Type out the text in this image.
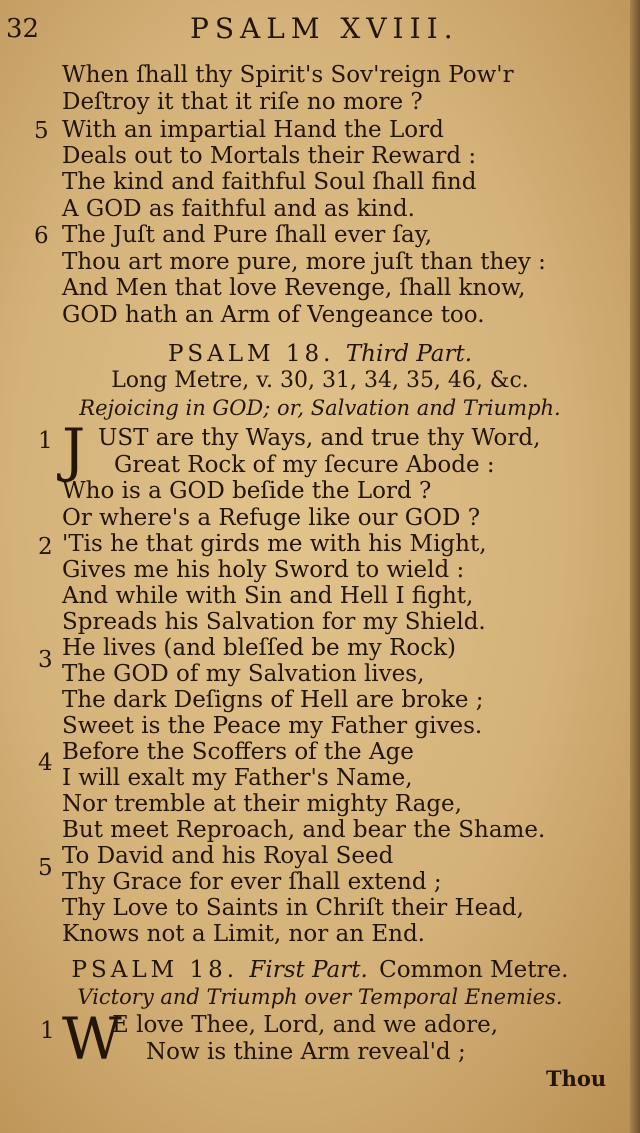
32	PSALM XVIII.
When ſhall thy Spirit's Sov'reign Pow'r
Deſtroy it that it riſe no more ?
5 With an impartial Hand the Lord
Deals out to Mortals their Reward :
The kind and faithful Soul ſhall find
A GOD as faithful and as kind.
6 The Juſt and Pure ſhall ever ſay,
Thou art more pure, more juſt than they :
And Men that love Revenge, ſhall know,
GOD hath an Arm of Vengeance too.
PSALM 18. Third Part.
Long Metre, v. 30, 31, 34, 35, 46, &c.
Rejoicing in GOD; or, Salvation and Triumph.
1 J UST are thy Ways, and true thy Word,
Great Rock of my ſecure Abode :
Who is a GOD beſide the Lord ?
Or where's a Refuge like our GOD ?
2 'Tis he that girds me with his Might,
Gives me his holy Sword to wield :
And while with Sin and Hell I fight,
Spreads his Salvation for my Shield.
3 He lives (and bleſſed be my Rock)
The GOD of my Salvation lives,
The dark Deſigns of Hell are broke ;
Sweet is the Peace my Father gives.
4 Before the Scoffers of the Age
I will exalt my Father's Name,
Nor tremble at their mighty Rage,
But meet Reproach, and bear the Shame.
5 To David and his Royal Seed
Thy Grace for ever ſhall extend ;
Thy Love to Saints in Chriſt their Head,
Knows not a Limit, nor an End.
PSALM 18. First Part. Common Metre.
Victory and Triumph over Temporal Enemies.
1 W
E love Thee, Lord, and we adore,
Now is thine Arm reveal'd ;
Thou
